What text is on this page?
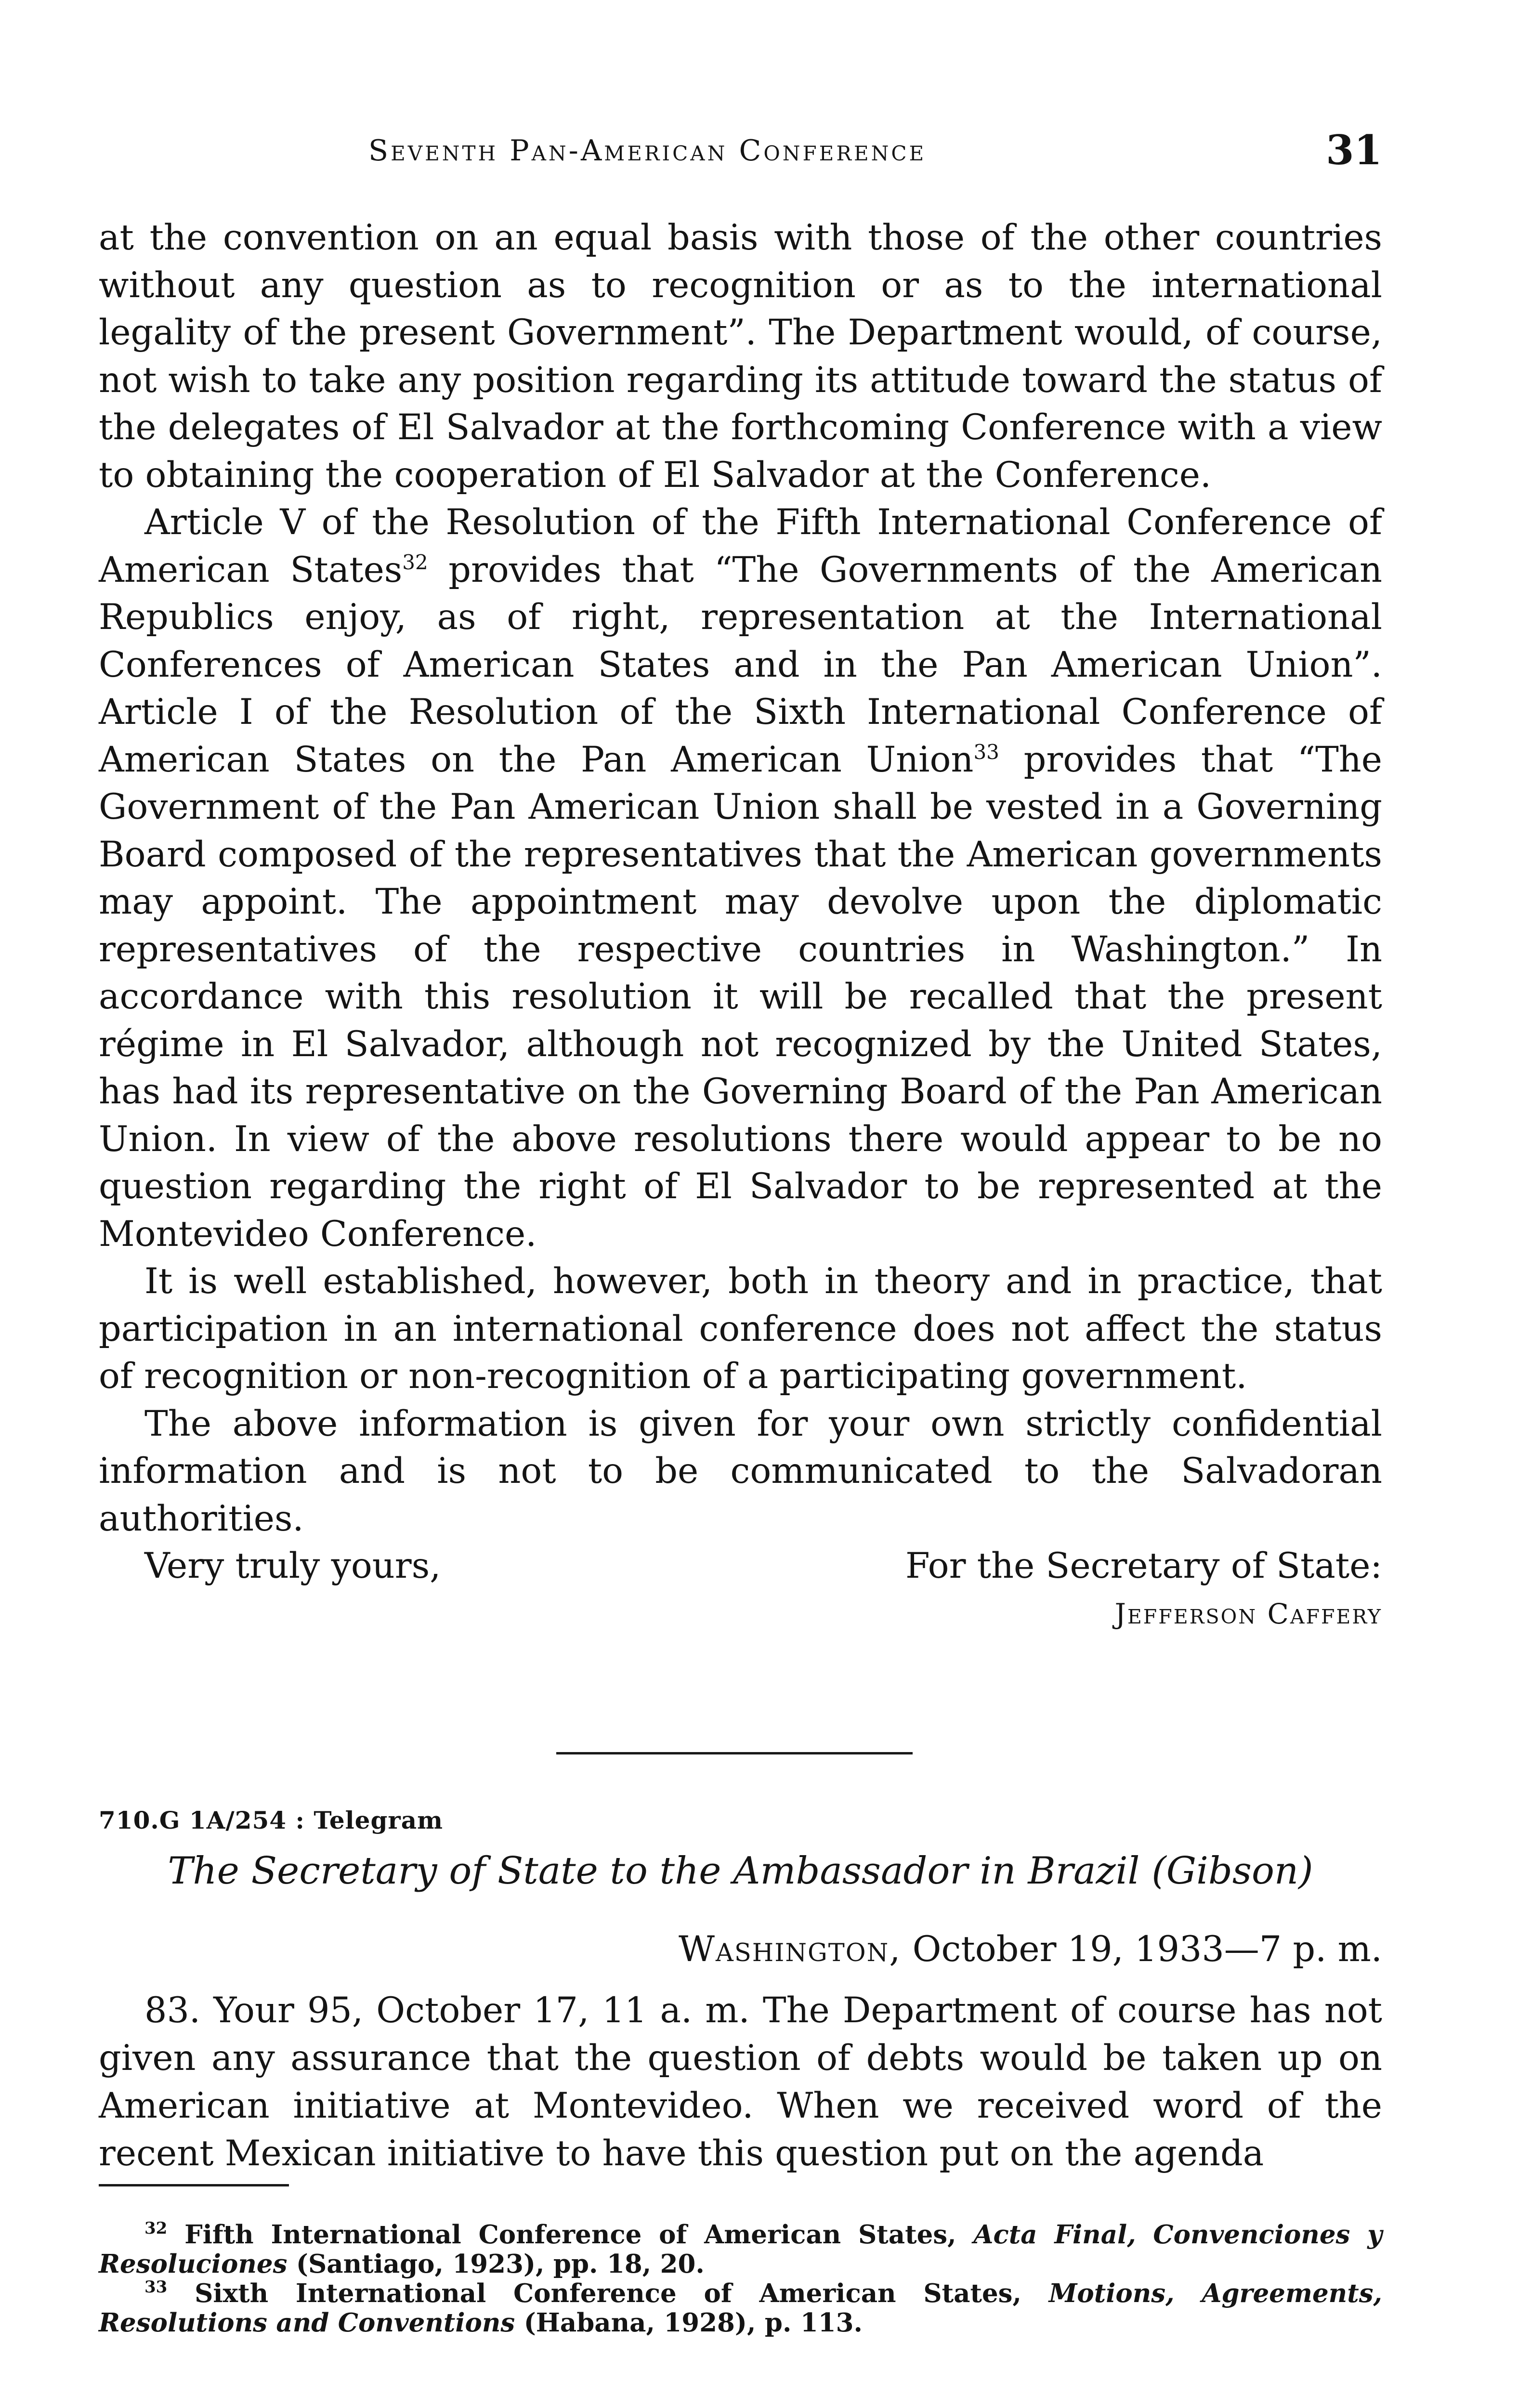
Seventh Pan-American Conference	31

at the convention on an equal basis with those of the other countries without any question as to recognition or as to the international legality of the present Government”. The Department would, of course, not wish to take any position regarding its attitude toward the status of the delegates of El Salvador at the forthcoming Conference with a view to obtaining the cooperation of El Salvador at the Conference.

Article V of the Resolution of the Fifth International Conference of American States$^{32}$ provides that “The Governments of the American Republics enjoy, as of right, representation at the International Conferences of American States and in the Pan American Union”. Article I of the Resolution of the Sixth International Conference of American States on the Pan American Union$^{33}$ provides that “The Government of the Pan American Union shall be vested in a Governing Board composed of the representatives that the American governments may appoint. The appointment may devolve upon the diplomatic representatives of the respective countries in Washington.” In accordance with this resolution it will be recalled that the present régime in El Salvador, although not recognized by the United States, has had its representative on the Governing Board of the Pan American Union. In view of the above resolutions there would appear to be no question regarding the right of El Salvador to be represented at the Montevideo Conference.

It is well established, however, both in theory and in practice, that participation in an international conference does not affect the status of recognition or non-recognition of a participating government.

The above information is given for your own strictly confidential information and is not to be communicated to the Salvadoran authorities.

Very truly yours,	For the Secretary of State:
Jefferson Caffery
710.G 1A/254 : Telegram
The Secretary of State to the Ambassador in Brazil (Gibson)
Washington, October 19, 1933—7 p. m.

83. Your 95, October 17, 11 a. m. The Department of course has not given any assurance that the question of debts would be taken up on American initiative at Montevideo. When we received word of the recent Mexican initiative to have this question put on the agenda

$^{32}$ Fifth International Conference of American States, Acta Final, Convenciones y Resoluciones (Santiago, 1923), pp. 18, 20.

$^{33}$ Sixth International Conference of American States, Motions, Agreements, Resolutions and Conventions (Habana, 1928), p. 113.
